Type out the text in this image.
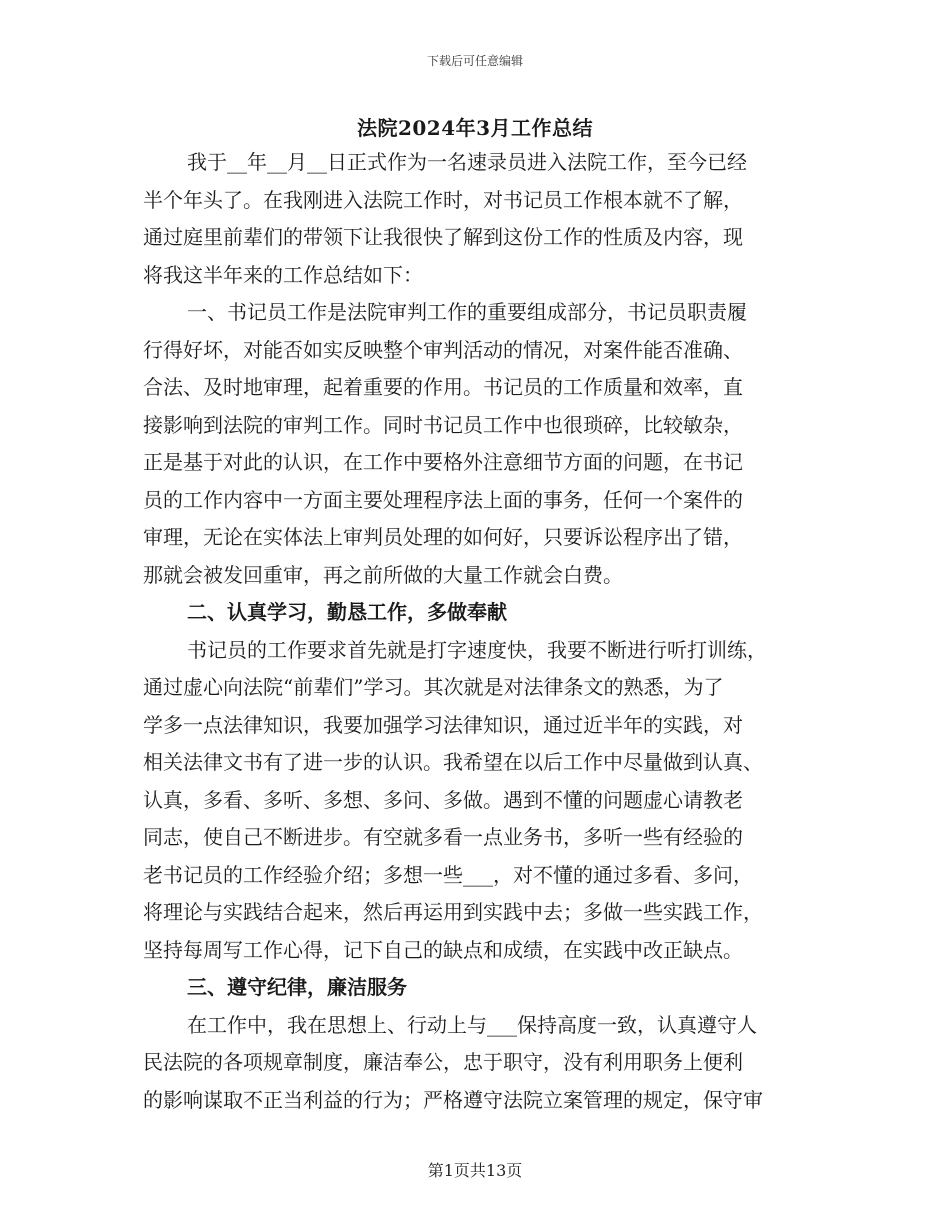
下载后可任意编辑
法院2024年3月工作总结
我于__年__月__日正式作为一名速录员进入法院工作，至今已经
半个年头了。在我刚进入法院工作时，对书记员工作根本就不了解，
通过庭里前辈们的带领下让我很快了解到这份工作的性质及内容，现
将我这半年来的工作总结如下：
一、书记员工作是法院审判工作的重要组成部分，书记员职责履
行得好坏，对能否如实反映整个审判活动的情况，对案件能否准确、
合法、及时地审理，起着重要的作用。书记员的工作质量和效率，直
接影响到法院的审判工作。同时书记员工作中也很琐碎，比较敏杂，
正是基于对此的认识，在工作中要格外注意细节方面的问题，在书记
员的工作内容中一方面主要处理程序法上面的事务，任何一个案件的
审理，无论在实体法上审判员处理的如何好，只要诉讼程序出了错，
那就会被发回重审，再之前所做的大量工作就会白费。
二、认真学习，勤恳工作，多做奉献
书记员的工作要求首先就是打字速度快，我要不断进行听打训练，
通过虚心向法院“前辈们”学习。其次就是对法律条文的熟悉，为了
学多一点法律知识，我要加强学习法律知识，通过近半年的实践，对
相关法律文书有了进一步的认识。我希望在以后工作中尽量做到认真、
认真，多看、多听、多想、多问、多做。遇到不懂的问题虚心请教老
同志，使自己不断进步。有空就多看一点业务书，多听一些有经验的
老书记员的工作经验介绍；多想一些___，对不懂的通过多看、多问，
将理论与实践结合起来，然后再运用到实践中去；多做一些实践工作，
坚持每周写工作心得，记下自己的缺点和成绩，在实践中改正缺点。
三、遵守纪律，廉洁服务
在工作中，我在思想上、行动上与___保持高度一致，认真遵守人
民法院的各项规章制度，廉洁奉公，忠于职守，没有利用职务上便利
的影响谋取不正当利益的行为；严格遵守法院立案管理的规定，保守审
第1页共13页
